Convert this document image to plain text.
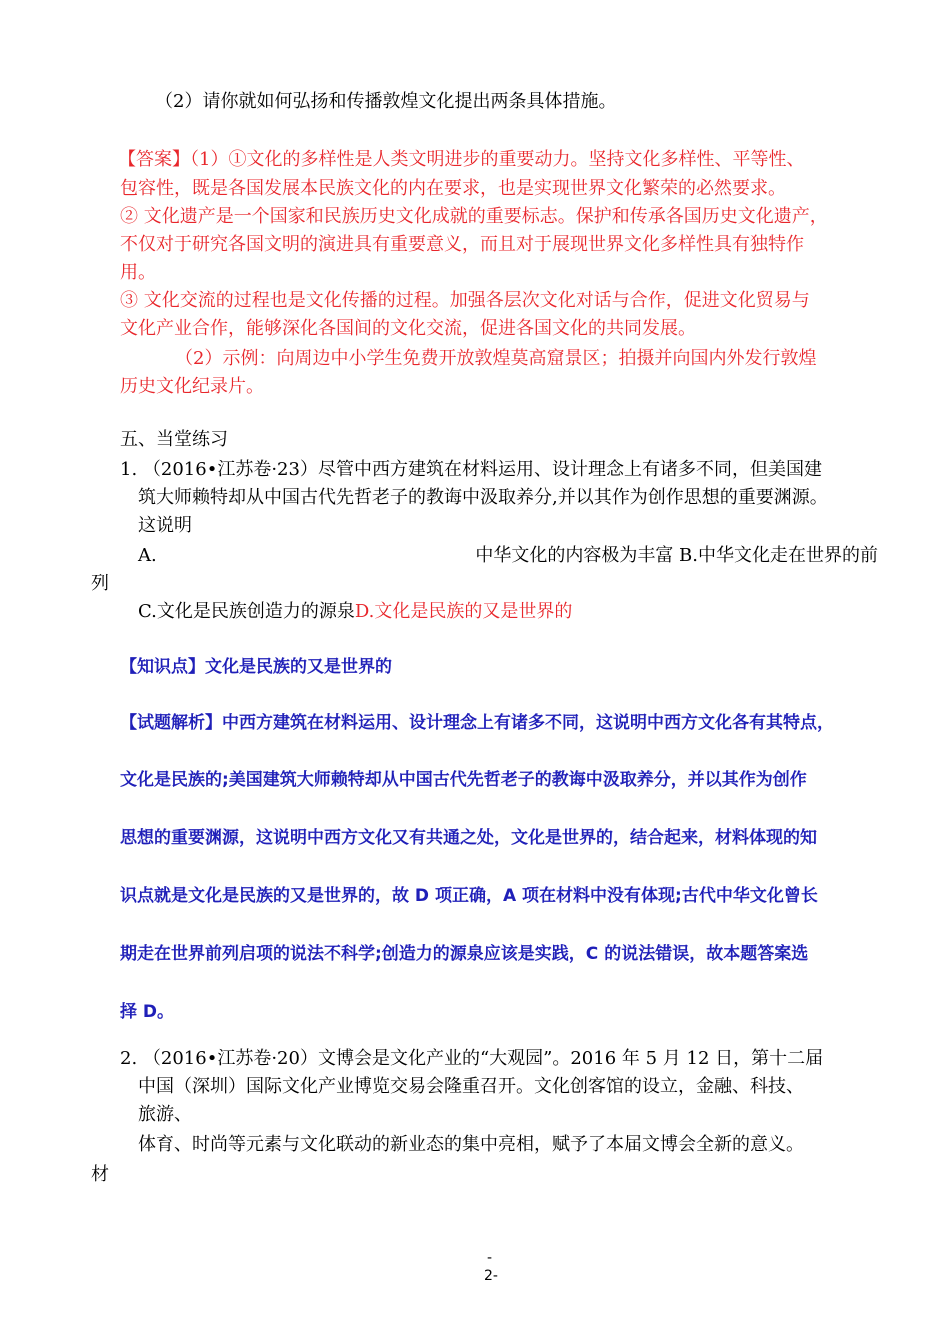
（2）请你就如何弘扬和传播敦煌文化提出两条具体措施。
【答案】（1）①文化的多样性是人类文明进步的重要动力。坚持文化多样性、平等性、
包容性，既是各国发展本民族文化的内在要求，也是实现世界文化繁荣的必然要求。
② 文化遗产是一个国家和民族历史文化成就的重要标志。保护和传承各国历史文化遗产，
不仅对于研究各国文明的演进具有重要意义，而且对于展现世界文化多样性具有独特作
用。
③ 文化交流的过程也是文化传播的过程。加强各层次文化对话与合作，促进文化贸易与
文化产业合作，能够深化各国间的文化交流，促进各国文化的共同发展。
（2）示例：向周边中小学生免费开放敦煌莫高窟景区；拍摄并向国内外发行敦煌
历史文化纪录片。
五、当堂练习
1. （2016•江苏卷·23）尽管中西方建筑在材料运用、设计理念上有诸多不同，但美国建
筑大师赖特却从中国古代先哲老子的教诲中汲取养分,并以其作为创作思想的重要渊源。
这说明
A.	中华文化的内容极为丰富 B.中华文化走在世界的前
列
C.文化是民族创造力的源泉D.文化是民族的又是世界的
【知识点】文化是民族的又是世界的
【试题解析】中西方建筑在材料运用、设计理念上有诸多不同，这说明中西方文化各有其特点，
文化是民族的;美国建筑大师赖特却从中国古代先哲老子的教诲中汲取养分，并以其作为创作
思想的重要渊源，这说明中西方文化又有共通之处，文化是世界的，结合起来，材料体现的知
识点就是文化是民族的又是世界的，故 D 项正确，A 项在材料中没有体现;古代中华文化曾长
期走在世界前列启项的说法不科学;创造力的源泉应该是实践，C 的说法错误，故本题答案选
择 D。
2. （2016•江苏卷·20）文博会是文化产业的“大观园”。2016 年 5 月 12 日，第十二届
中国（深圳）国际文化产业博览交易会隆重召开。文化创客馆的设立，金融、科技、
旅游、
体育、时尚等元素与文化联动的新业态的集中亮相，赋予了本届文博会全新的意义。
材
-
2-
